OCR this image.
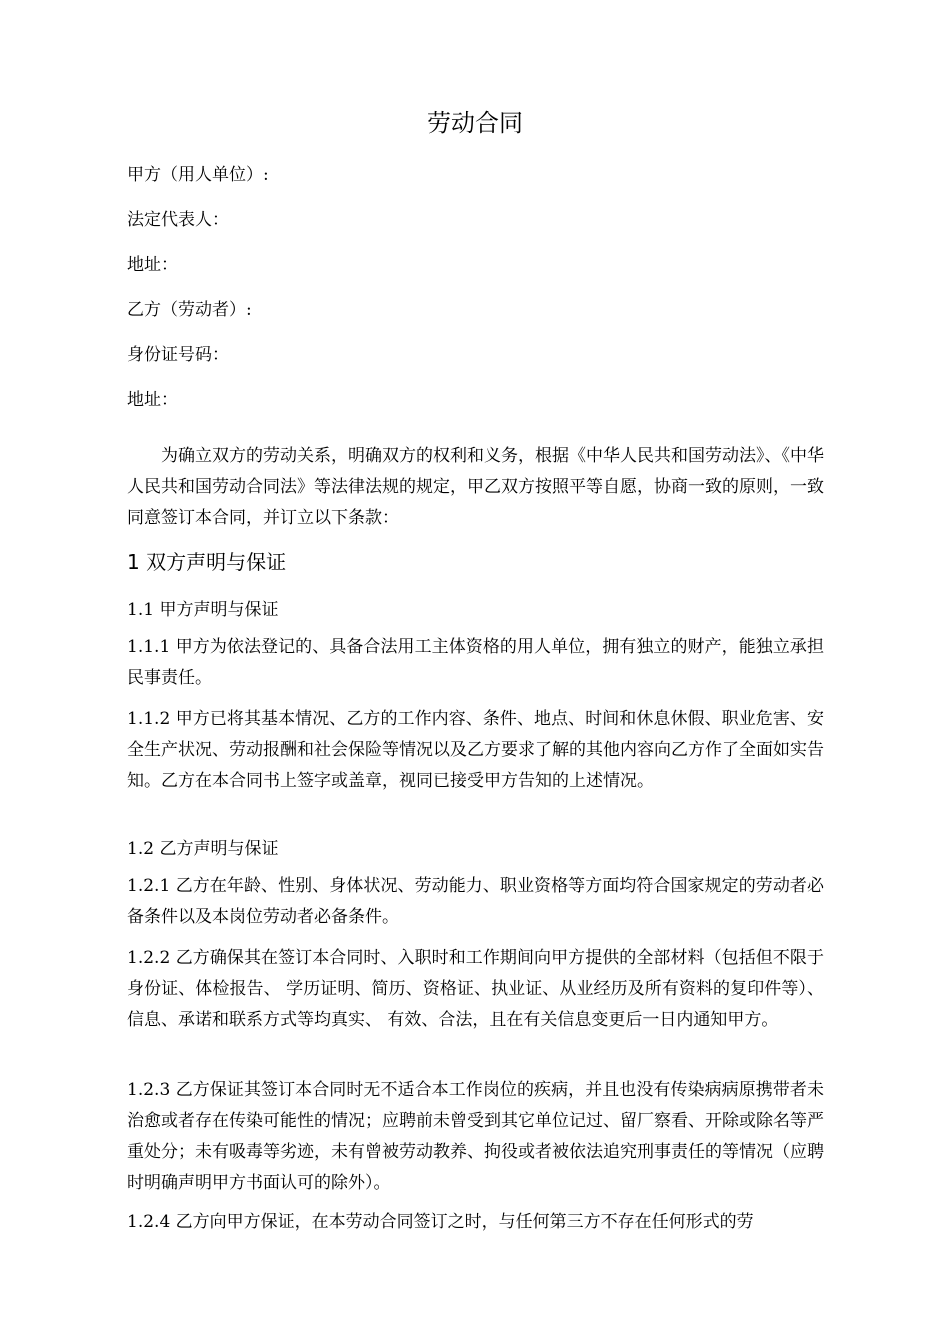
劳动合同
甲方（用人单位）:
法定代表人：
地址：
乙方（劳动者）:
身份证号码：
地址：

为确立双方的劳动关系，明确双方的权利和义务，根据《中华人民共和国劳动法》、《中华人民共和国劳动合同法》等法律法规的规定，甲乙双方按照平等自愿，协商一致的原则，一致同意签订本合同，并订立以下条款：

1 双方声明与保证
1.1 甲方声明与保证

1.1.1 甲方为依法登记的、具备合法用工主体资格的用人单位，拥有独立的财产，能独立承担民事责任。

1.1.2 甲方已将其基本情况、乙方的工作内容、条件、地点、时间和休息休假、职业危害、安全生产状况、劳动报酬和社会保险等情况以及乙方要求了解的其他内容向乙方作了全面如实告知。乙方在本合同书上签字或盖章，视同已接受甲方告知的上述情况。

1.2 乙方声明与保证

1.2.1 乙方在年龄、性别、身体状况、劳动能力、职业资格等方面均符合国家规定的劳动者必备条件以及本岗位劳动者必备条件。

1.2.2 乙方确保其在签订本合同时、入职时和工作期间向甲方提供的全部材料（包括但不限于身份证、体检报告、 学历证明、简历、资格证、执业证、从业经历及所有资料的复印件等）、信息、承诺和联系方式等均真实、 有效、合法，且在有关信息变更后一日内通知甲方。

1.2.3 乙方保证其签订本合同时无不适合本工作岗位的疾病，并且也没有传染病病原携带者未治愈或者存在传染可能性的情况；应聘前未曾受到其它单位记过、留厂察看、开除或除名等严重处分；未有吸毒等劣迹，未有曾被劳动教养、拘役或者被依法追究刑事责任的等情况（应聘时明确声明甲方书面认可的除外）。

1.2.4 乙方向甲方保证，在本劳动合同签订之时，与任何第三方不存在任何形式的劳
